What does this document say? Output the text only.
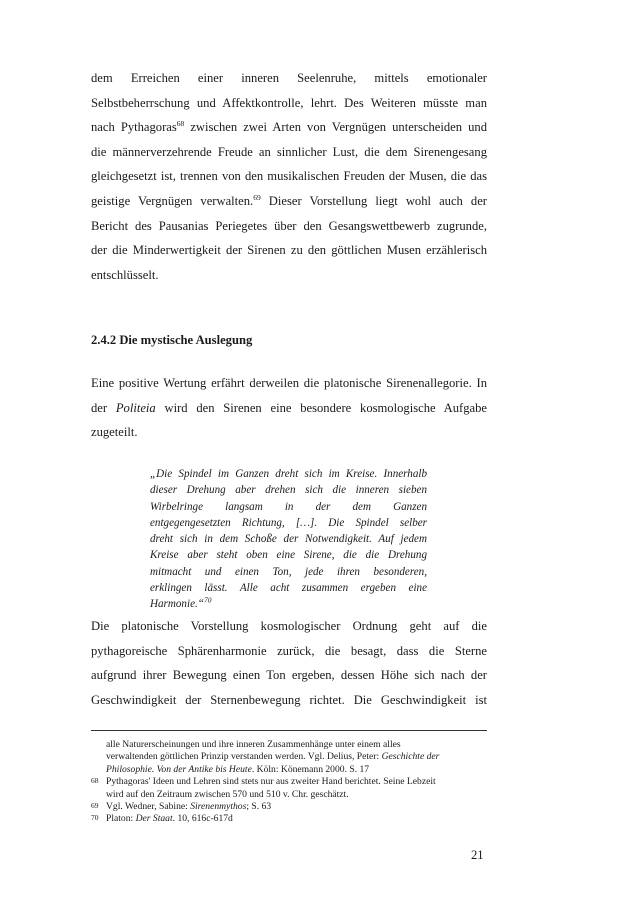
dem Erreichen einer inneren Seelenruhe, mittels emotionaler
Selbstbeherrschung und Affektkontrolle, lehrt. Des Weiteren müsste man
nach Pythagoras$^{68}$ zwischen zwei Arten von Vergnügen unterscheiden und
die männerverzehrende Freude an sinnlicher Lust, die dem Sirenengesang
gleichgesetzt ist, trennen von den musikalischen Freuden der Musen, die das
geistige Vergnügen verwalten.$^{69}$ Dieser Vorstellung liegt wohl auch der
Bericht des Pausanias Periegetes über den Gesangswettbewerb zugrunde,
der die Minderwertigkeit der Sirenen zu den göttlichen Musen erzählerisch
entschlüsselt.
2.4.2 Die mystische Auslegung
Eine positive Wertung erfährt derweilen die platonische Sirenenallegorie. In
der Politeia wird den Sirenen eine besondere kosmologische Aufgabe
zugeteilt.
„Die Spindel im Ganzen dreht sich im Kreise. Innerhalb
dieser Drehung aber drehen sich die inneren sieben
Wirbelringe langsam in der dem Ganzen
entgegengesetzten Richtung, […]. Die Spindel selber
dreht sich in dem Schoße der Notwendigkeit. Auf jedem
Kreise aber steht oben eine Sirene, die die Drehung
mitmacht und einen Ton, jede ihren besonderen,
erklingen lässt. Alle acht zusammen ergeben eine
Harmonie.“$^{70}$
Die platonische Vorstellung kosmologischer Ordnung geht auf die
pythagoreische Sphärenharmonie zurück, die besagt, dass die Sterne
aufgrund ihrer Bewegung einen Ton ergeben, dessen Höhe sich nach der
Geschwindigkeit der Sternenbewegung richtet. Die Geschwindigkeit ist
alle Naturerscheinungen und ihre inneren Zusammenhänge unter einem alles
verwaltenden göttlichen Prinzip verstanden werden. Vgl. Delius, Peter: Geschichte der
Philosophie. Von der Antike bis Heute. Köln: Könemann 2000. S. 17
68 Pythagoras' Ideen und Lehren sind stets nur aus zweiter Hand berichtet. Seine Lebzeit
wird auf den Zeitraum zwischen 570 und 510 v. Chr. geschätzt.
69 Vgl. Wedner, Sabine: Sirenenmythos; S. 63
70 Platon: Der Staat. 10, 616c-617d
21
